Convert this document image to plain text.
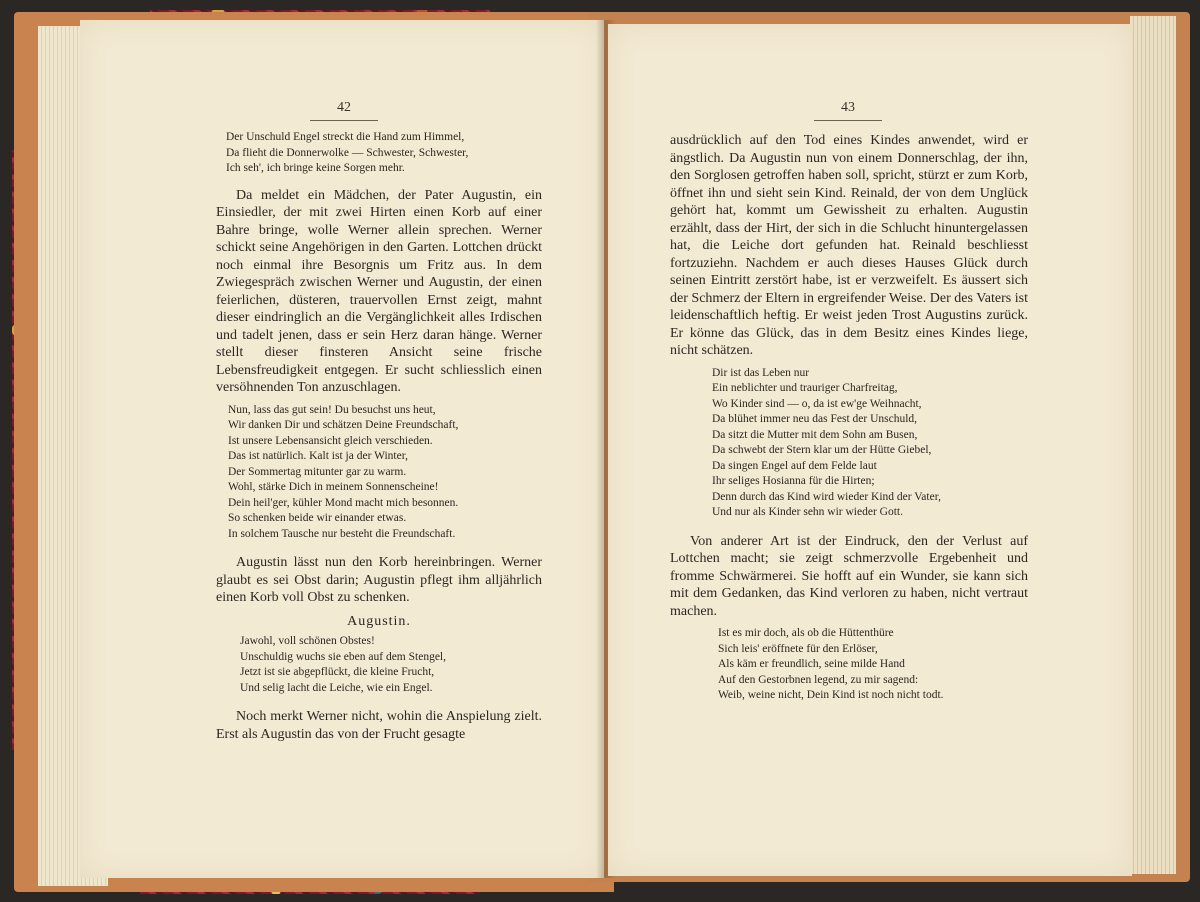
42
Der Unschuld Engel streckt die Hand zum Himmel,
Da flieht die Donnerwolke — Schwester, Schwester,
Ich seh', ich bringe keine Sorgen mehr.

Da meldet ein Mädchen, der Pater Augustin, ein Einsiedler, der mit zwei Hirten einen Korb auf einer Bahre bringe, wolle Werner allein sprechen. Werner schickt seine Angehörigen in den Garten. Lottchen drückt noch einmal ihre Besorgnis um Fritz aus. In dem Zwiegespräch zwischen Werner und Augustin, der einen feierlichen, düsteren, trauervollen Ernst zeigt, mahnt dieser eindringlich an die Vergänglichkeit alles Irdischen und tadelt jenen, dass er sein Herz daran hänge. Werner stellt dieser finsteren Ansicht seine frische Lebensfreudigkeit entgegen. Er sucht schliesslich einen versöhnenden Ton anzuschlagen.

Nun, lass das gut sein! Du besuchst uns heut,
Wir danken Dir und schätzen Deine Freundschaft,
Ist unsere Lebensansicht gleich verschieden.
Das ist natürlich. Kalt ist ja der Winter,
Der Sommertag mitunter gar zu warm.
Wohl, stärke Dich in meinem Sonnenscheine!
Dein heil'ger, kühler Mond macht mich besonnen.
So schenken beide wir einander etwas.
In solchem Tausche nur besteht die Freundschaft.

Augustin lässt nun den Korb hereinbringen. Werner glaubt es sei Obst darin; Augustin pflegt ihm alljährlich einen Korb voll Obst zu schenken.

Augustin.
Jawohl, voll schönen Obstes!
Unschuldig wuchs sie eben auf dem Stengel,
Jetzt ist sie abgepflückt, die kleine Frucht,
Und selig lacht die Leiche, wie ein Engel.

Noch merkt Werner nicht, wohin die Anspielung zielt. Erst als Augustin das von der Frucht gesagte

43

ausdrücklich auf den Tod eines Kindes anwendet, wird er ängstlich. Da Augustin nun von einem Donnerschlag, der ihn, den Sorglosen getroffen haben soll, spricht, stürzt er zum Korb, öffnet ihn und sieht sein Kind. Reinald, der von dem Unglück gehört hat, kommt um Gewissheit zu erhalten. Augustin erzählt, dass der Hirt, der sich in die Schlucht hinuntergelassen hat, die Leiche dort gefunden hat. Reinald beschliesst fortzuziehn. Nachdem er auch dieses Hauses Glück durch seinen Eintritt zerstört habe, ist er verzweifelt. Es äussert sich der Schmerz der Eltern in ergreifender Weise. Der des Vaters ist leidenschaftlich heftig. Er weist jeden Trost Augustins zurück. Er könne das Glück, das in dem Besitz eines Kindes liege, nicht schätzen.

Dir ist das Leben nur
Ein neblichter und trauriger Charfreitag,
Wo Kinder sind — o, da ist ew'ge Weihnacht,
Da blühet immer neu das Fest der Unschuld,
Da sitzt die Mutter mit dem Sohn am Busen,
Da schwebt der Stern klar um der Hütte Giebel,
Da singen Engel auf dem Felde laut
Ihr seliges Hosianna für die Hirten;
Denn durch das Kind wird wieder Kind der Vater,
Und nur als Kinder sehn wir wieder Gott.

Von anderer Art ist der Eindruck, den der Verlust auf Lottchen macht; sie zeigt schmerzvolle Ergebenheit und fromme Schwärmerei. Sie hofft auf ein Wunder, sie kann sich mit dem Gedanken, das Kind verloren zu haben, nicht vertraut machen.

Ist es mir doch, als ob die Hüttenthüre
Sich leis' eröffnete für den Erlöser,
Als käm er freundlich, seine milde Hand
Auf den Gestorbnen legend, zu mir sagend:
Weib, weine nicht, Dein Kind ist noch nicht todt.
